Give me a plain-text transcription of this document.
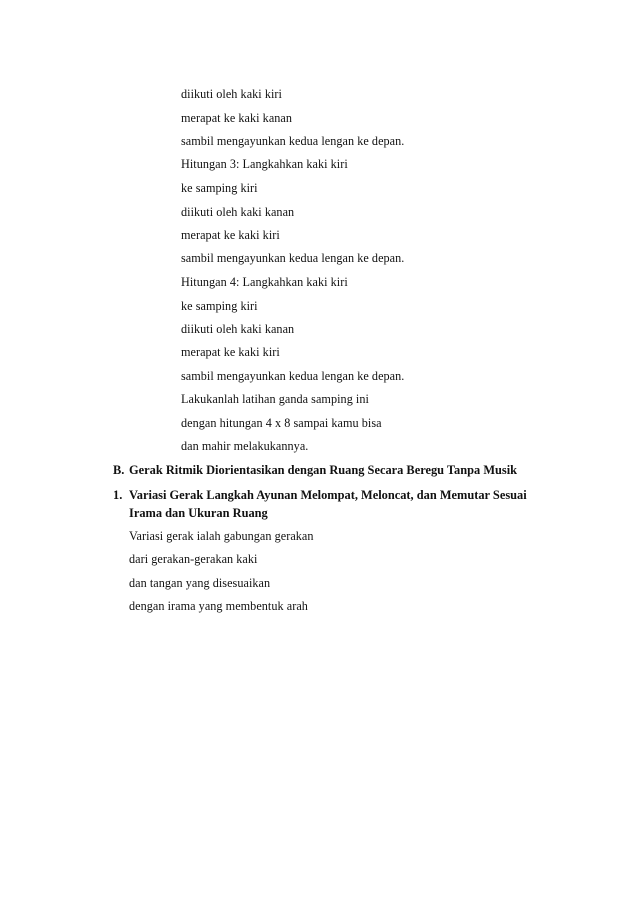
diikuti oleh kaki kiri
merapat ke kaki kanan
sambil mengayunkan kedua lengan ke depan.
Hitungan 3: Langkahkan kaki kiri
ke samping kiri
diikuti oleh kaki kanan
merapat ke kaki kiri
sambil mengayunkan kedua lengan ke depan.
Hitungan 4: Langkahkan kaki kiri
ke samping kiri
diikuti oleh kaki kanan
merapat ke kaki kiri
sambil mengayunkan kedua lengan ke depan.
Lakukanlah latihan ganda samping ini
dengan hitungan 4 x 8 sampai kamu bisa
dan mahir melakukannya.
B. Gerak Ritmik Diorientasikan dengan Ruang Secara Beregu Tanpa Musik
1. Variasi Gerak Langkah Ayunan Melompat, Meloncat, dan Memutar Sesuai
Irama dan Ukuran Ruang
Variasi gerak ialah gabungan gerakan
dari gerakan-gerakan kaki
dan tangan yang disesuaikan
dengan irama yang membentuk arah
